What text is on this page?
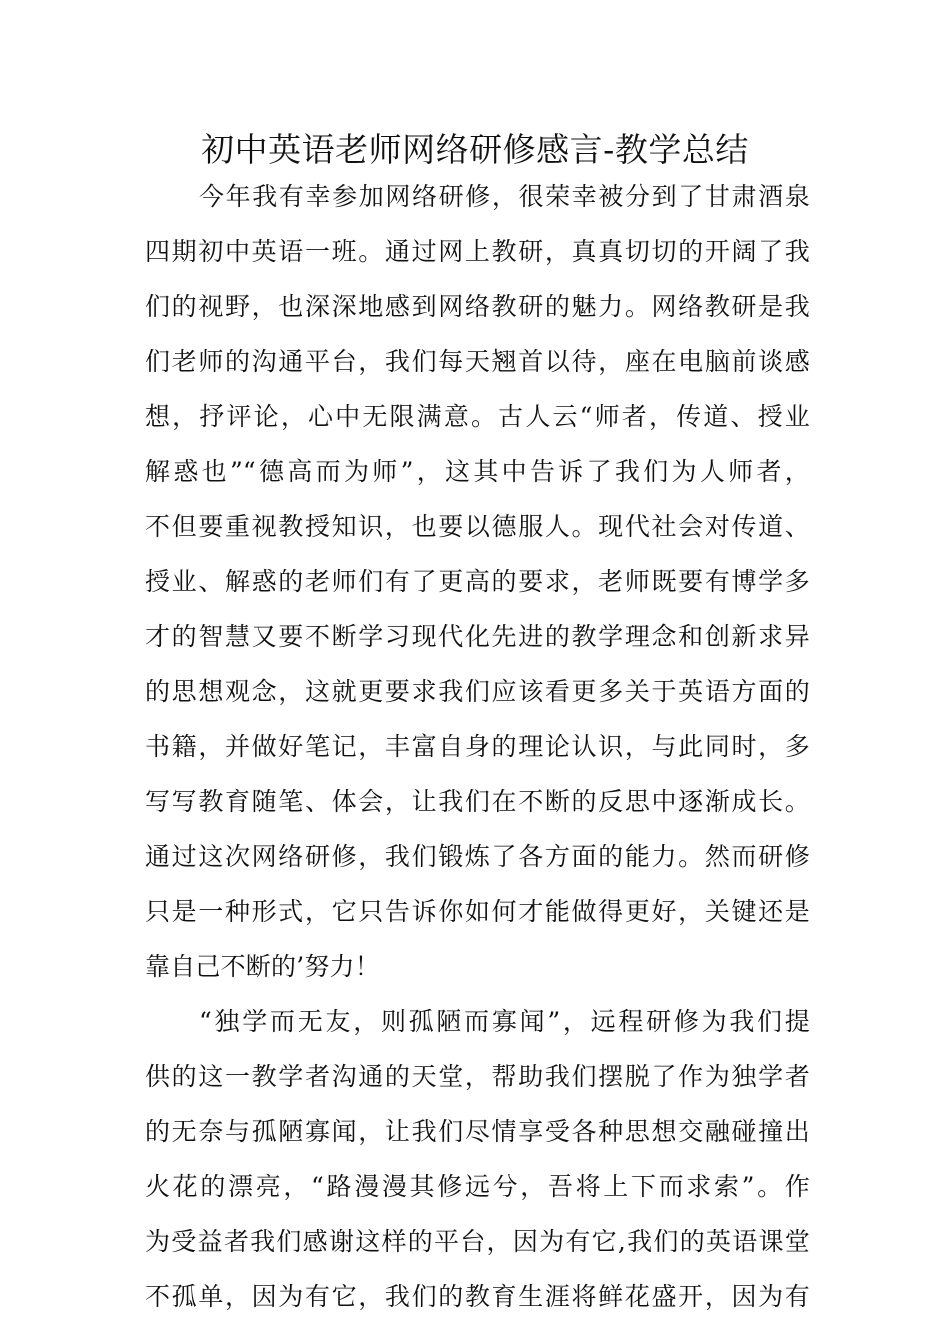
初中英语老师网络研修感言-教学总结
今年我有幸参加网络研修，很荣幸被分到了甘肃酒泉
四期初中英语一班。通过网上教研，真真切切的开阔了我
们的视野，也深深地感到网络教研的魅力。网络教研是我
们老师的沟通平台，我们每天翘首以待，座在电脑前谈感
想，抒评论，心中无限满意。古人云“师者，传道、授业
解惑也”“德高而为师”，这其中告诉了我们为人师者，
不但要重视教授知识，也要以德服人。现代社会对传道、
授业、解惑的老师们有了更高的要求，老师既要有博学多
才的智慧又要不断学习现代化先进的教学理念和创新求异
的思想观念，这就更要求我们应该看更多关于英语方面的
书籍，并做好笔记，丰富自身的理论认识，与此同时，多
写写教育随笔、体会，让我们在不断的反思中逐渐成长。
通过这次网络研修，我们锻炼了各方面的能力。然而研修
只是一种形式，它只告诉你如何才能做得更好，关键还是
靠自己不断的’努力！
“独学而无友，则孤陋而寡闻”，远程研修为我们提
供的这一教学者沟通的天堂，帮助我们摆脱了作为独学者
的无奈与孤陋寡闻，让我们尽情享受各种思想交融碰撞出
火花的漂亮，“路漫漫其修远兮，吾将上下而求索”。作
为受益者我们感谢这样的平台，因为有它,我们的英语课堂
不孤单，因为有它，我们的教育生涯将鲜花盛开，因为有
